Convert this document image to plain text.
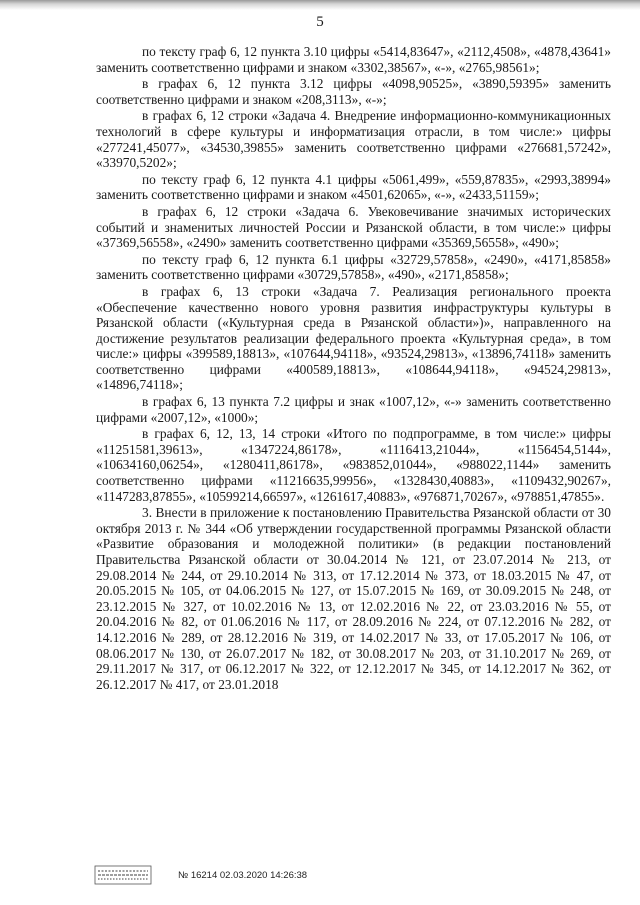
5

по тексту граф 6, 12 пункта 3.10 цифры «5414,83647», «2112,4508», «4878,43641» заменить соответственно цифрами и знаком «3302,38567», «-», «2765,98561»;

в графах 6, 12 пункта 3.12 цифры «4098,90525», «3890,59395» заменить соответственно цифрами и знаком «208,3113», «-»;

в графах 6, 12 строки «Задача 4. Внедрение информационно-коммуникационных технологий в сфере культуры и информатизация отрасли, в том числе:» цифры «277241,45077», «34530,39855» заменить соответственно цифрами «276681,57242», «33970,5202»;

по тексту граф 6, 12 пункта 4.1 цифры «5061,499», «559,87835», «2993,38994» заменить соответственно цифрами и знаком «4501,62065», «-», «2433,51159»;

в графах 6, 12 строки «Задача 6. Увековечивание значимых исторических событий и знаменитых личностей России и Рязанской области, в том числе:» цифры «37369,56558», «2490» заменить соответственно цифрами «35369,56558», «490»;

по тексту граф 6, 12 пункта 6.1 цифры «32729,57858», «2490», «4171,85858» заменить соответственно цифрами «30729,57858», «490», «2171,85858»;

в графах 6, 13 строки «Задача 7. Реализация регионального проекта «Обеспечение качественно нового уровня развития инфраструктуры культуры в Рязанской области («Культурная среда в Рязанской области»)», направленного на достижение результатов реализации федерального проекта «Культурная среда», в том числе:» цифры «399589,18813», «107644,94118», «93524,29813», «13896,74118» заменить соответственно цифрами «400589,18813», «108644,94118», «94524,29813», «14896,74118»;

в графах 6, 13 пункта 7.2 цифры и знак «1007,12», «-» заменить соответственно цифрами «2007,12», «1000»;

в графах 6, 12, 13, 14 строки «Итого по подпрограмме, в том числе:» цифры «11251581,39613», «1347224,86178», «1116413,21044», «1156454,5144», «10634160,06254», «1280411,86178», «983852,01044», «988022,1144» заменить соответственно цифрами «11216635,99956», «1328430,40883», «1109432,90267», «1147283,87855», «10599214,66597», «1261617,40883», «976871,70267», «978851,47855».

3. Внести в приложение к постановлению Правительства Рязанской области от 30 октября 2013 г. № 344 «Об утверждении государственной программы Рязанской области «Развитие образования и молодежной политики» (в редакции постановлений Правительства Рязанской области от 30.04.2014 № 121, от 23.07.2014 № 213, от 29.08.2014 № 244, от 29.10.2014 № 313, от 17.12.2014 № 373, от 18.03.2015 № 47, от 20.05.2015 № 105, от 04.06.2015 № 127, от 15.07.2015 № 169, от 30.09.2015 № 248, от 23.12.2015 № 327, от 10.02.2016 № 13, от 12.02.2016 № 22, от 23.03.2016 № 55, от 20.04.2016 № 82, от 01.06.2016 № 117, от 28.09.2016 № 224, от 07.12.2016 № 282, от 14.12.2016 № 289, от 28.12.2016 № 319, от 14.02.2017 № 33, от 17.05.2017 № 106, от 08.06.2017 № 130, от 26.07.2017 № 182, от 30.08.2017 № 203, от 31.10.2017 № 269, от 29.11.2017 № 317, от 06.12.2017 № 322, от 12.12.2017 № 345, от 14.12.2017 № 362, от 26.12.2017 № 417, от 23.01.2018

№ 16214 02.03.2020 14:26:38
